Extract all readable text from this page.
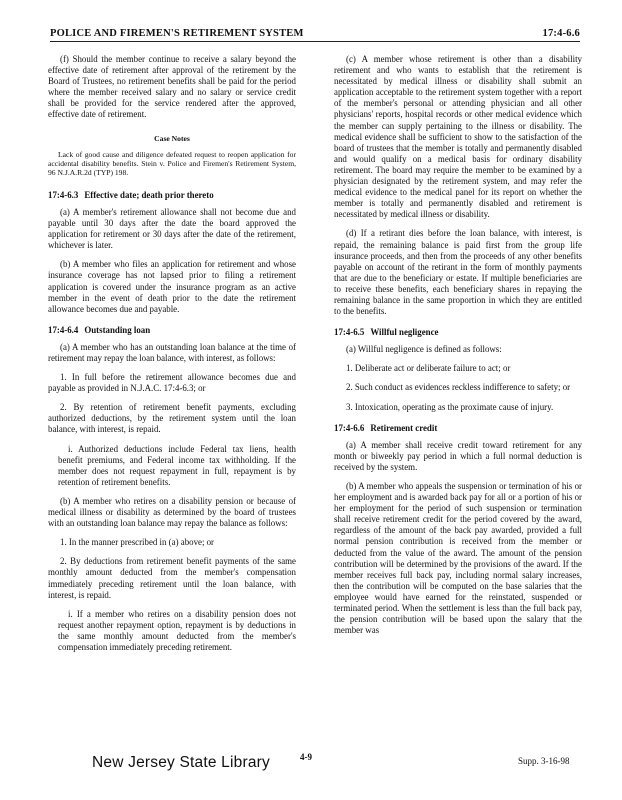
POLICE AND FIREMEN'S RETIREMENT SYSTEM	17:4-6.6

(f) Should the member continue to receive a salary beyond the effective date of retirement after approval of the retirement by the Board of Trustees, no retirement benefits shall be paid for the period where the member received salary and no salary or service credit shall be provided for the service rendered after the approved, effective date of retirement.

Case Notes

Lack of good cause and diligence defeated request to reopen application for accidental disability benefits. Stein v. Police and Firemen's Retirement System, 96 N.J.A.R.2d (TYP) 198.

17:4-6.3 Effective date; death prior thereto

(a) A member's retirement allowance shall not become due and payable until 30 days after the date the board approved the application for retirement or 30 days after the date of the retirement, whichever is later.

(b) A member who files an application for retirement and whose insurance coverage has not lapsed prior to filing a retirement application is covered under the insurance program as an active member in the event of death prior to the date the retirement allowance becomes due and payable.

17:4-6.4 Outstanding loan

(a) A member who has an outstanding loan balance at the time of retirement may repay the loan balance, with interest, as follows:

1. In full before the retirement allowance becomes due and payable as provided in N.J.A.C. 17:4-6.3; or

2. By retention of retirement benefit payments, excluding authorized deductions, by the retirement system until the loan balance, with interest, is repaid.

i. Authorized deductions include Federal tax liens, health benefit premiums, and Federal income tax withholding. If the member does not request repayment in full, repayment is by retention of retirement benefits.

(b) A member who retires on a disability pension or because of medical illness or disability as determined by the board of trustees with an outstanding loan balance may repay the balance as follows:

1. In the manner prescribed in (a) above; or

2. By deductions from retirement benefit payments of the same monthly amount deducted from the member's compensation immediately preceding retirement until the loan balance, with interest, is repaid.

i. If a member who retires on a disability pension does not request another repayment option, repayment is by deductions in the same monthly amount deducted from the member's compensation immediately preceding retirement.

(c) A member whose retirement is other than a disability retirement and who wants to establish that the retirement is necessitated by medical illness or disability shall submit an application acceptable to the retirement system together with a report of the member's personal or attending physician and all other physicians' reports, hospital records or other medical evidence which the member can supply pertaining to the illness or disability. The medical evidence shall be sufficient to show to the satisfaction of the board of trustees that the member is totally and permanently disabled and would qualify on a medical basis for ordinary disability retirement. The board may require the member to be examined by a physician designated by the retirement system, and may refer the medical evidence to the medical panel for its report on whether the member is totally and permanently disabled and retirement is necessitated by medical illness or disability.

(d) If a retirant dies before the loan balance, with interest, is repaid, the remaining balance is paid first from the group life insurance proceeds, and then from the proceeds of any other benefits payable on account of the retirant in the form of monthly payments that are due to the beneficiary or estate. If multiple beneficiaries are to receive these benefits, each beneficiary shares in repaying the remaining balance in the same proportion in which they are entitled to the benefits.

17:4-6.5 Willful negligence

(a) Willful negligence is defined as follows:

1. Deliberate act or deliberate failure to act; or

2. Such conduct as evidences reckless indifference to safety; or

3. Intoxication, operating as the proximate cause of injury.

17:4-6.6 Retirement credit

(a) A member shall receive credit toward retirement for any month or biweekly pay period in which a full normal deduction is received by the system.

(b) A member who appeals the suspension or termination of his or her employment and is awarded back pay for all or a portion of his or her employment for the period of such suspension or termination shall receive retirement credit for the period covered by the award, regardless of the amount of the back pay awarded, provided a full normal pension contribution is received from the member or deducted from the value of the award. The amount of the pension contribution will be determined by the provisions of the award. If the member receives full back pay, including normal salary increases, then the contribution will be computed on the base salaries that the employee would have earned for the reinstated, suspended or terminated period. When the settlement is less than the full back pay, the pension contribution will be based upon the salary that the member was

New Jersey State Library	4-9	Supp. 3-16-98
